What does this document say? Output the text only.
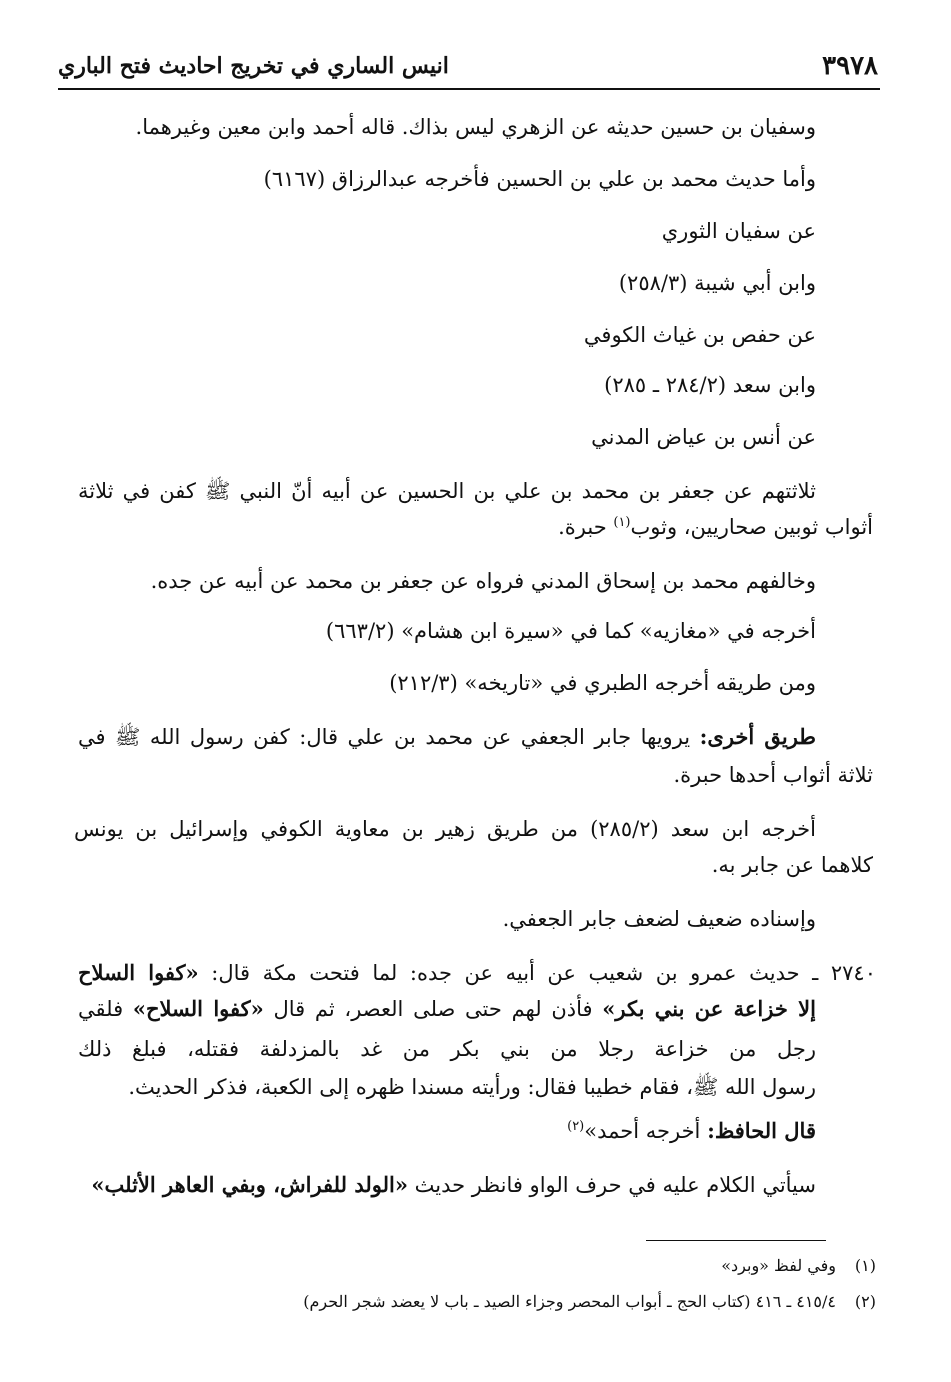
٣٩٧٨
انيس الساري في تخريج احاديث فتح الباري
وسفيان بن حسين حديثه عن الزهري ليس بذاك. قاله أحمد وابن معين وغيرهما.
وأما حديث محمد بن علي بن الحسين فأخرجه عبدالرزاق (٦١٦٧)
عن سفيان الثوري
وابن أبي شيبة (٢٥٨/٣)
عن حفص بن غياث الكوفي
وابن سعد (٢٨٤/٢ ـ ٢٨٥)
عن أنس بن عياض المدني
ثلاثتهم عن جعفر بن محمد بن علي بن الحسين عن أبيه أنّ النبي ﷺ كفن في ثلاثة
أثواب ثوبين صحاريين، وثوب$^{(١)}$ حبرة.
وخالفهم محمد بن إسحاق المدني فرواه عن جعفر بن محمد عن أبيه عن جده.
أخرجه في «مغازيه» كما في «سيرة ابن هشام» (٦٦٣/٢)
ومن طريقه أخرجه الطبري في «تاريخه» (٢١٢/٣)
طريق أخرى: يرويها جابر الجعفي عن محمد بن علي قال: كفن رسول الله ﷺ في
ثلاثة أثواب أحدها حبرة.
أخرجه ابن سعد (٢٨٥/٢) من طريق زهير بن معاوية الكوفي وإسرائيل بن يونس
كلاهما عن جابر به.
وإسناده ضعيف لضعف جابر الجعفي.
٢٧٤٠ ـ حديث عمرو بن شعيب عن أبيه عن جده: لما فتحت مكة قال: «كفوا السلاح
إلا خزاعة عن بني بكر» فأذن لهم حتى صلى العصر، ثم قال «كفوا السلاح» فلقي
رجل من خزاعة رجلا من بني بكر من غد بالمزدلفة فقتله، فبلغ ذلك
رسول الله ﷺ، فقام خطيبا فقال: ورأيته مسندا ظهره إلى الكعبة، فذكر الحديث.
قال الحافظ: أخرجه أحمد»$^{(٢)}$
سيأتي الكلام عليه في حرف الواو فانظر حديث «الولد للفراش، وبفي العاهر الأثلب»
(١)وفي لفظ «وبرد»
(٢)٤١٥/٤ ـ ٤١٦ (كتاب الحج ـ أبواب المحصر وجزاء الصيد ـ باب لا يعضد شجر الحرم)
